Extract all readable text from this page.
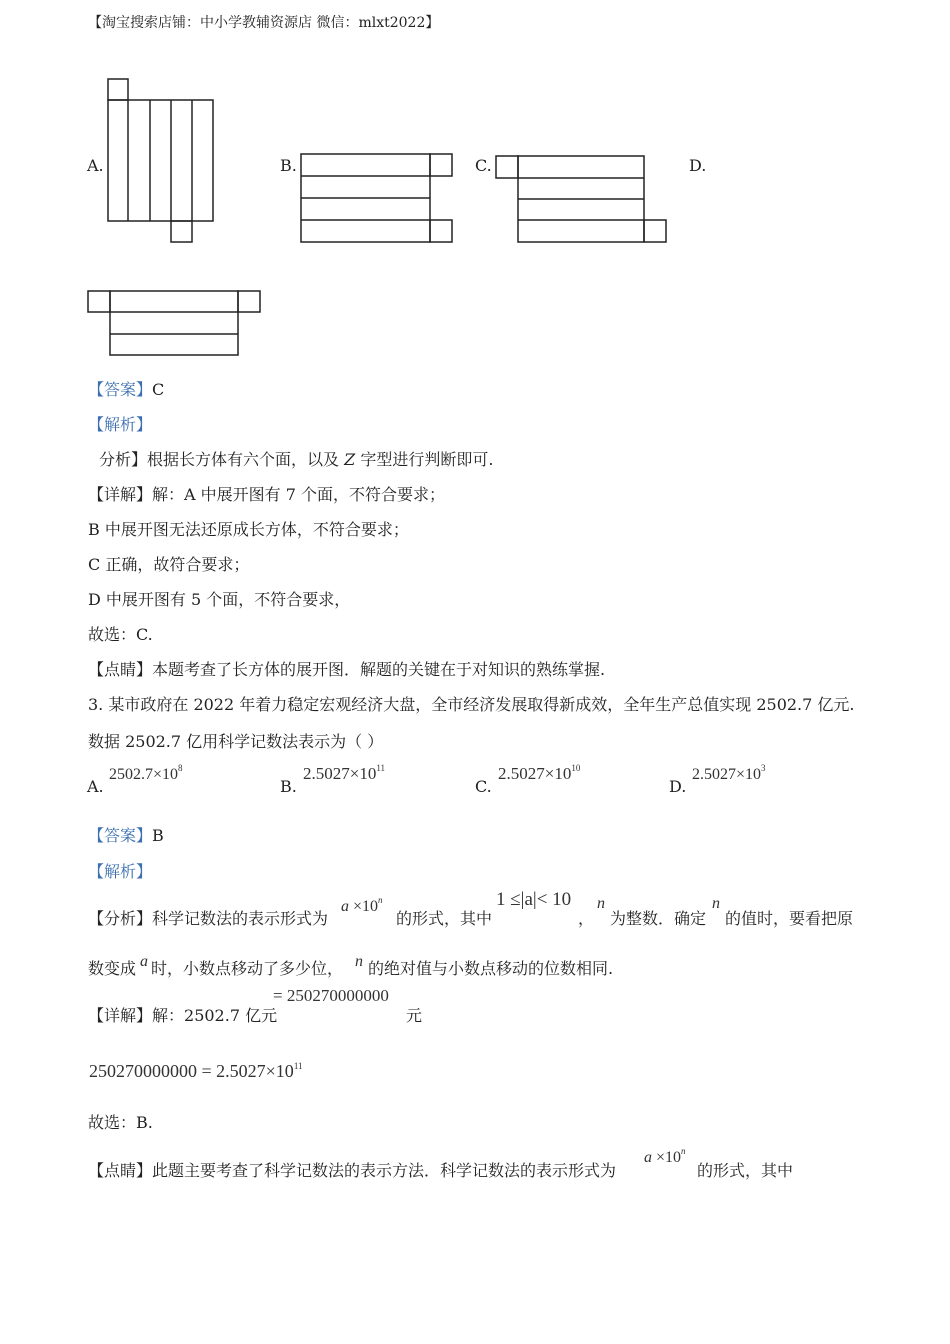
【淘宝搜索店铺：中小学教辅资源店 微信：mlxt2022】
A.	B.	C.	D.
【答案】C
【解析】
分析】根据长方体有六个面，以及 Z 字型进行判断即可.
【详解】解：A 中展开图有 7 个面，不符合要求；
B 中展开图无法还原成长方体，不符合要求；
C 正确，故符合要求；
D 中展开图有 5 个面，不符合要求，
故选：C.
【点睛】本题考查了长方体的展开图．解题的关键在于对知识的熟练掌握.
3. 某市政府在 2022 年着力稳定宏观经济大盘，全市经济发展取得新成效，全年生产总值实现 2502.7 亿元.
数据 2502.7 亿用科学记数法表示为（ ）
A.
$2502.7\times 10^8$
B.
$2.5027\times 10^{11}$
C.
$2.5027\times 10^{10}$
D.
$2.5027\times 10^3$
【答案】B
【解析】
【分析】科学记数法的表示形式为
$a \times 10^n$
的形式，其中
1 ≤|a|< 10
，
n
为整数．确定
n
的值时，要看把原
数变成 a 时，小数点移动了多少位， n 的绝对值与小数点移动的位数相同.
【详解】解：2502.7 亿元
= 250270000000
元
$250270000000 = 2.5027\times 10^{11}$
故选：B.
【点睛】此题主要考查了科学记数法的表示方法．科学记数法的表示形式为
$a \times 10^n$
的形式，其中
